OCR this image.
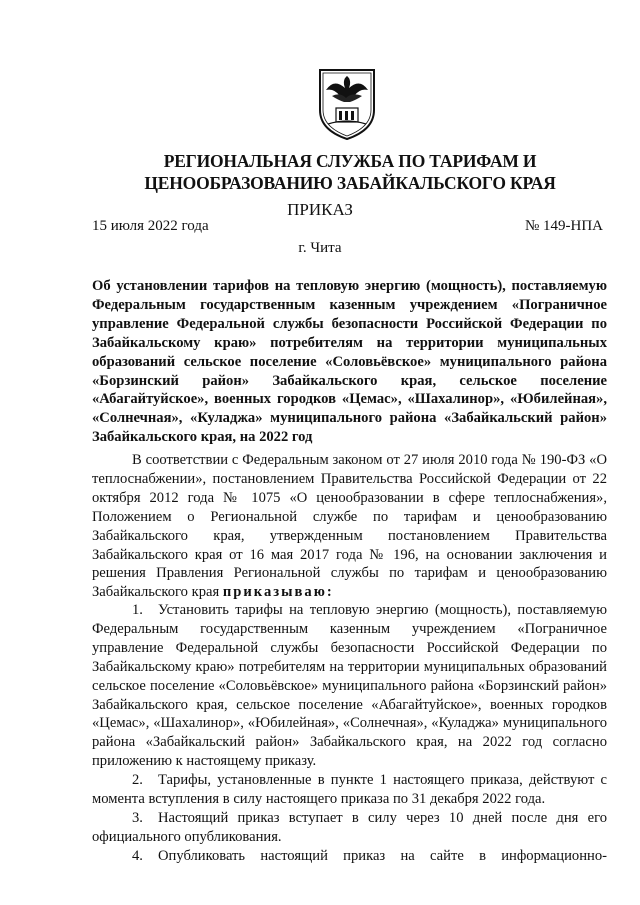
РЕГИОНАЛЬНАЯ СЛУЖБА ПО ТАРИФАМ И
ЦЕНООБРАЗОВАНИЮ ЗАБАЙКАЛЬСКОГО КРАЯ
ПРИКАЗ
15 июля 2022 года	№ 149-НПА
г. Чита
Об установлении тарифов на тепловую энергию (мощность), поставляемую Федеральным государственным казенным учреждением «Пограничное управление Федеральной службы безопасности Российской Федерации по Забайкальскому краю» потребителям на территории муниципальных образований сельское поселение «Соловьёвское» муниципального района «Борзинский район» Забайкальского края, сельское поселение «Абагайтуйское», военных городков «Цемас», «Шахалинор», «Юбилейная», «Солнечная», «Куладжа» муниципального района «Забайкальский район» Забайкальского края, на 2022 год

В соответствии с Федеральным законом от 27 июля 2010 года № 190-ФЗ «О теплоснабжении», постановлением Правительства Российской Федерации от 22 октября 2012 года № 1075 «О ценообразовании в сфере теплоснабжения», Положением о Региональной службе по тарифам и ценообразованию Забайкальского края, утвержденным постановлением Правительства Забайкальского края от 16 мая 2017 года № 196, на основании заключения и решения Правления Региональной службы по тарифам и ценообразованию Забайкальского края приказываю:

1. Установить тарифы на тепловую энергию (мощность), поставляемую Федеральным государственным казенным учреждением «Пограничное управление Федеральной службы безопасности Российской Федерации по Забайкальскому краю» потребителям на территории муниципальных образований сельское поселение «Соловьёвское» муниципального района «Борзинский район» Забайкальского края, сельское поселение «Абагайтуйское», военных городков «Цемас», «Шахалинор», «Юбилейная», «Солнечная», «Куладжа» муниципального района «Забайкальский район» Забайкальского края, на 2022 год согласно приложению к настоящему приказу.

2. Тарифы, установленные в пункте 1 настоящего приказа, действуют с момента вступления в силу настоящего приказа по 31 декабря 2022 года.

3. Настоящий приказ вступает в силу через 10 дней после дня его официального опубликования.

4. Опубликовать настоящий приказ на сайте в информационно-
